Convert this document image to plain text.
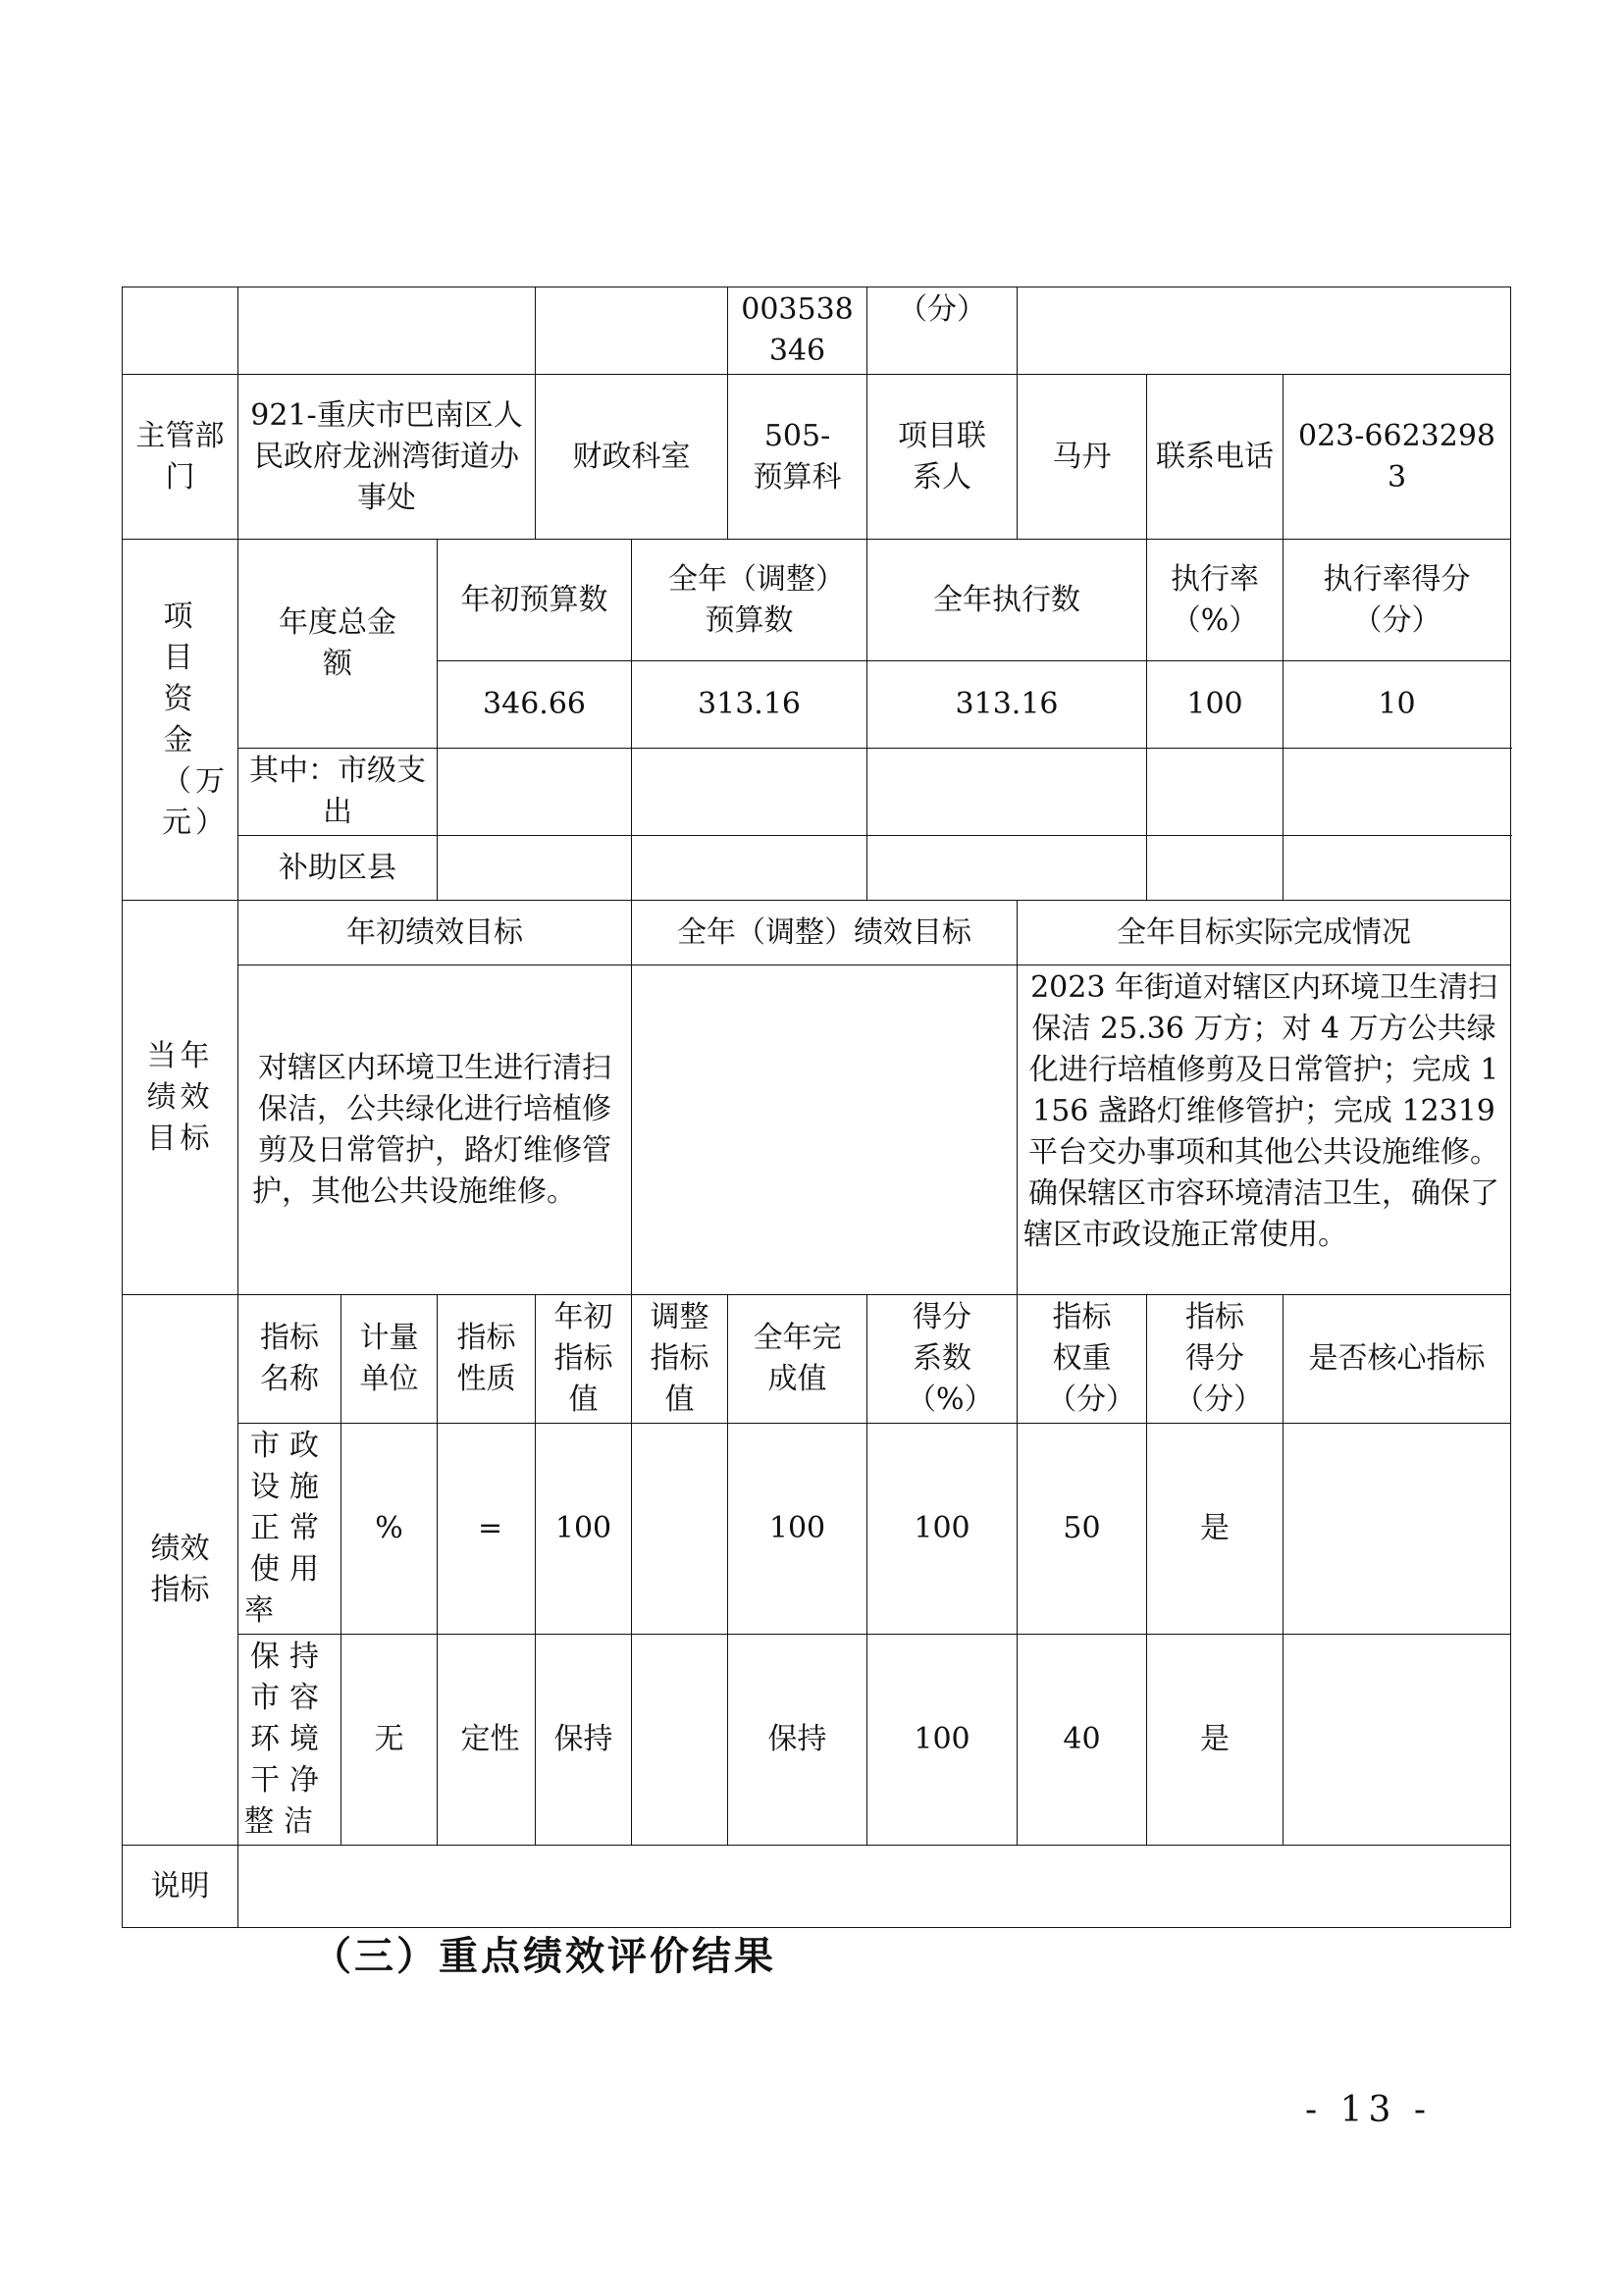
						003538346	（分）				
主管部门	921-重庆市巴南区人民政府龙洲湾街道办事处			财政科室		505-预算科	项目联系人	马丹	联系电话	023-66232983	
项目资金（万元）	年度总金额		年初预算数		全年（调整）预算数		全年执行数		执行率（%）	执行率得分（分）	
			346.66		313.16		313.16		100	10	
	其中：市级支出										
	补助区县										
当年绩效目标	年初绩效目标				全年（调整）绩效目标			全年目标实际完成情况			
	对辖区内环境卫生进行清扫保洁，公共绿化进行培植修剪及日常管护，路灯维修管护，其他公共设施维修。							2023 年街道对辖区内环境卫生清扫保洁 25.36 万方；对 4 万方公共绿化进行培植修剪及日常管护；完成 1156 盏路灯维修管护；完成 12319 平台交办事项和其他公共设施维修。确保辖区市容环境清洁卫生，确保了辖区市政设施正常使用。			
绩效指标	指标名称	计量单位	指标性质	年初指标值	调整指标值	全年完成值	得分系数（%）	指标权重（分）	指标得分（分）	是否核心指标	
	市政设施正常使用率	%	=	100		100	100	50	是		
	保持市容环境干净整洁	无	定性	保持		保持	100	40	是		
说明											
（三）重点绩效评价结果
- 13 -
